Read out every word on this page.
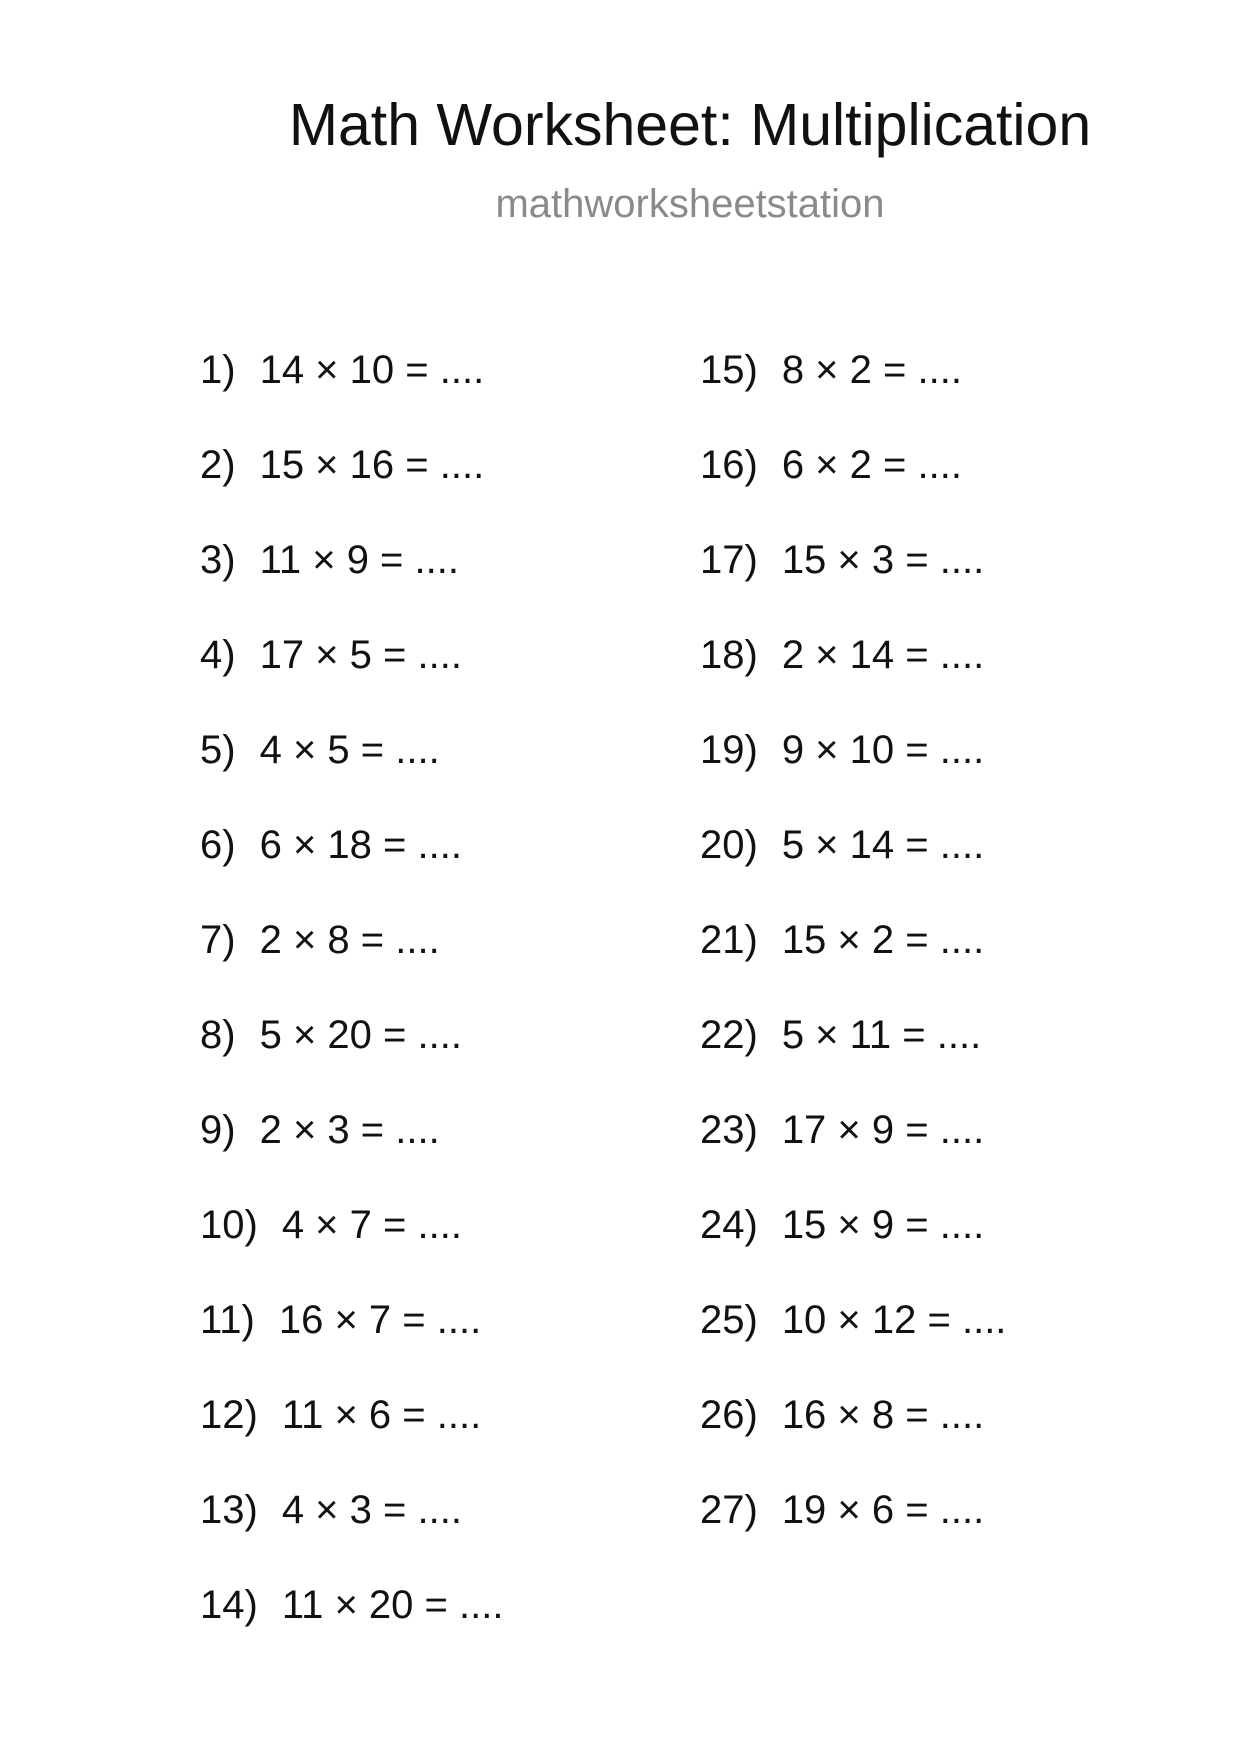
Math Worksheet: Multiplication
mathworksheetstation
1) 14 × 10 = ....
2) 15 × 16 = ....
3) 11 × 9 = ....
4) 17 × 5 = ....
5) 4 × 5 = ....
6) 6 × 18 = ....
7) 2 × 8 = ....
8) 5 × 20 = ....
9) 2 × 3 = ....
10) 4 × 7 = ....
11) 16 × 7 = ....
12) 11 × 6 = ....
13) 4 × 3 = ....
14) 11 × 20 = ....
15) 8 × 2 = ....
16) 6 × 2 = ....
17) 15 × 3 = ....
18) 2 × 14 = ....
19) 9 × 10 = ....
20) 5 × 14 = ....
21) 15 × 2 = ....
22) 5 × 11 = ....
23) 17 × 9 = ....
24) 15 × 9 = ....
25) 10 × 12 = ....
26) 16 × 8 = ....
27) 19 × 6 = ....
